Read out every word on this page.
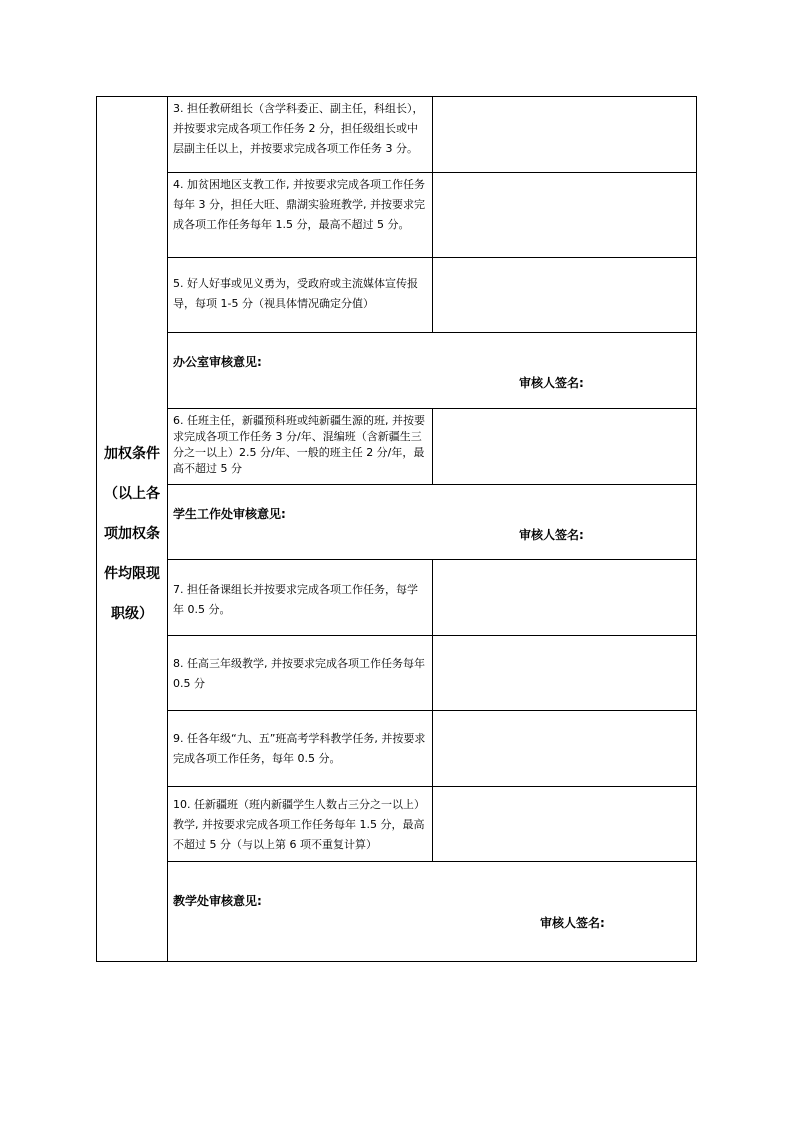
加权条件
（以上各
项加权条
件均限现
职级）	3. 担任教研组长（含学科委正、副主任，科组长），并按要求完成各项工作任务 2 分，担任级组长或中层副主任以上，并按要求完成各项工作任务 3 分。	

	4. 加贫困地区支教工作, 并按要求完成各项工作任务每年 3 分，担任大旺、鼎湖实验班教学, 并按要求完成各项工作任务每年 1.5 分，最高不超过 5 分。	

	5. 好人好事或见义勇为，受政府或主流媒体宣传报导，每项 1-5 分（视具体情况确定分值）	

	办公室审核意见:
审核人签名:	

	6. 任班主任，新疆预科班或纯新疆生源的班, 并按要求完成各项工作任务 3 分/年、混编班（含新疆生三分之一以上）2.5 分/年、一般的班主任 2 分/年，最高不超过 5 分	

	学生工作处审核意见:
审核人签名:	

	7. 担任备课组长并按要求完成各项工作任务，每学年 0.5 分。	

	8. 任高三年级教学, 并按要求完成各项工作任务每年 0.5 分	

	9. 任各年级“九、五”班高考学科教学任务, 并按要求完成各项工作任务，每年 0.5 分。	

	10. 任新疆班（班内新疆学生人数占三分之一以上）教学, 并按要求完成各项工作任务每年 1.5 分，最高不超过 5 分（与以上第 6 项不重复计算）	

	教学处审核意见:
审核人签名:	
